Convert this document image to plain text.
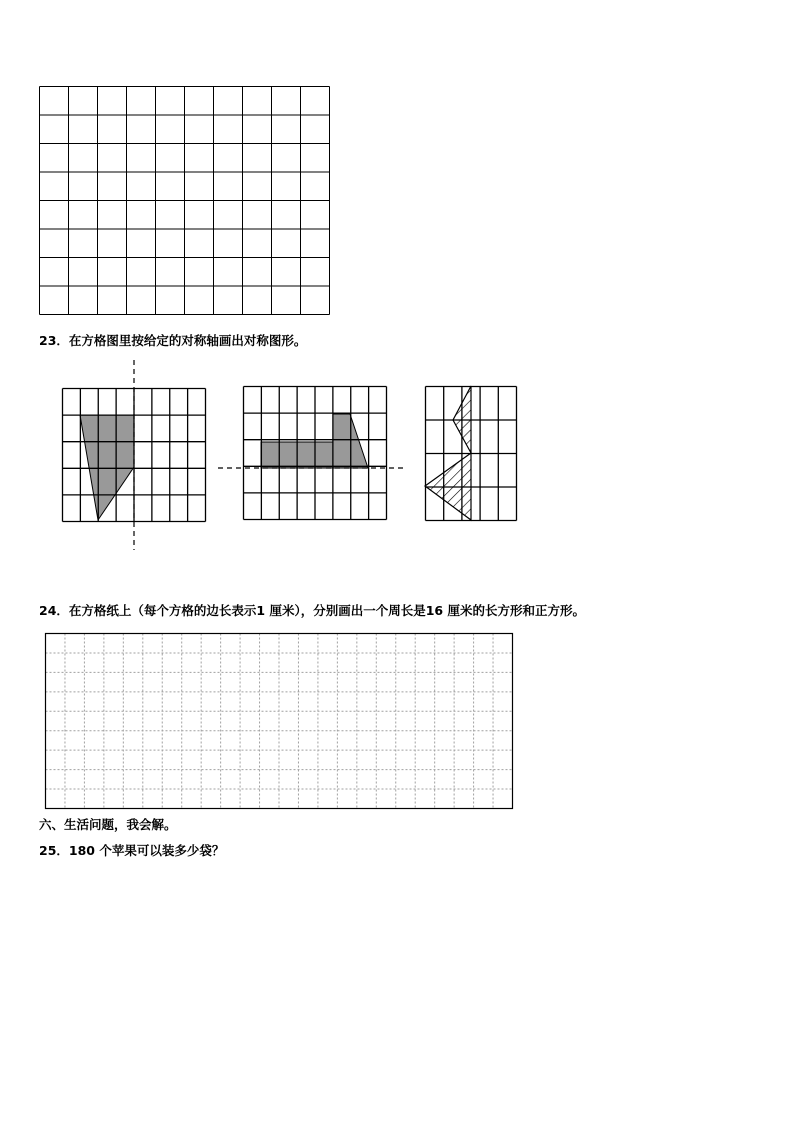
23．在方格图里按给定的对称轴画出对称图形。
24．在方格纸上（每个方格的边长表示1 厘米），分别画出一个周长是16 厘米的长方形和正方形。
六、生活问题，我会解。
25．180 个苹果可以装多少袋？
